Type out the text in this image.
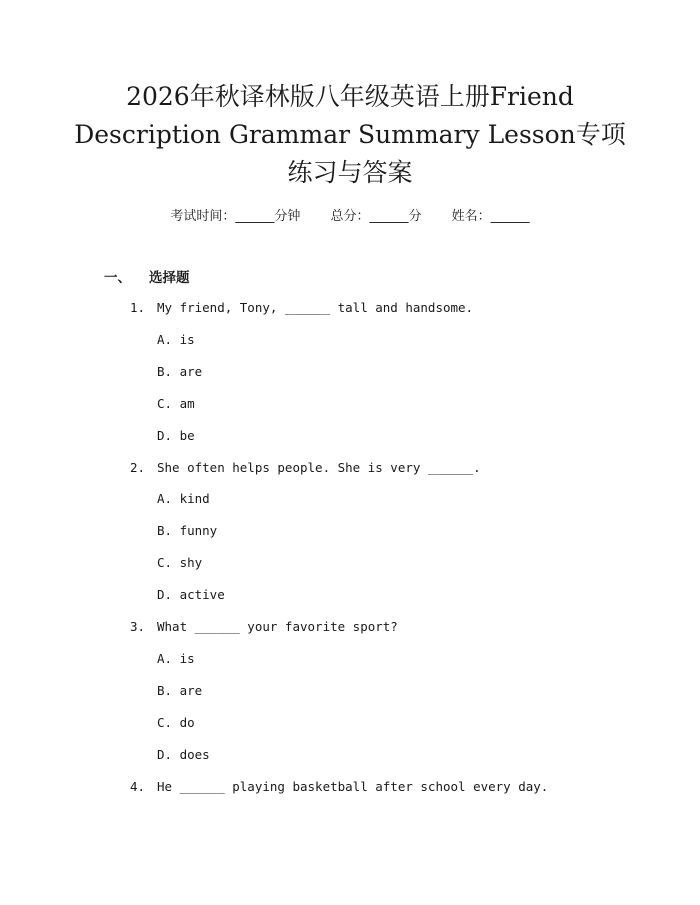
2026年秋译林版八年级英语上册Friend
Description Grammar Summary Lesson专项
练习与答案
考试时间：______分钟 总分：______分 姓名：______
一、 选择题
1. My friend, Tony, ______ tall and handsome.
A. is
B. are
C. am
D. be
2. She often helps people. She is very ______.
A. kind
B. funny
C. shy
D. active
3. What ______ your favorite sport?
A. is
B. are
C. do
D. does
4. He ______ playing basketball after school every day.
